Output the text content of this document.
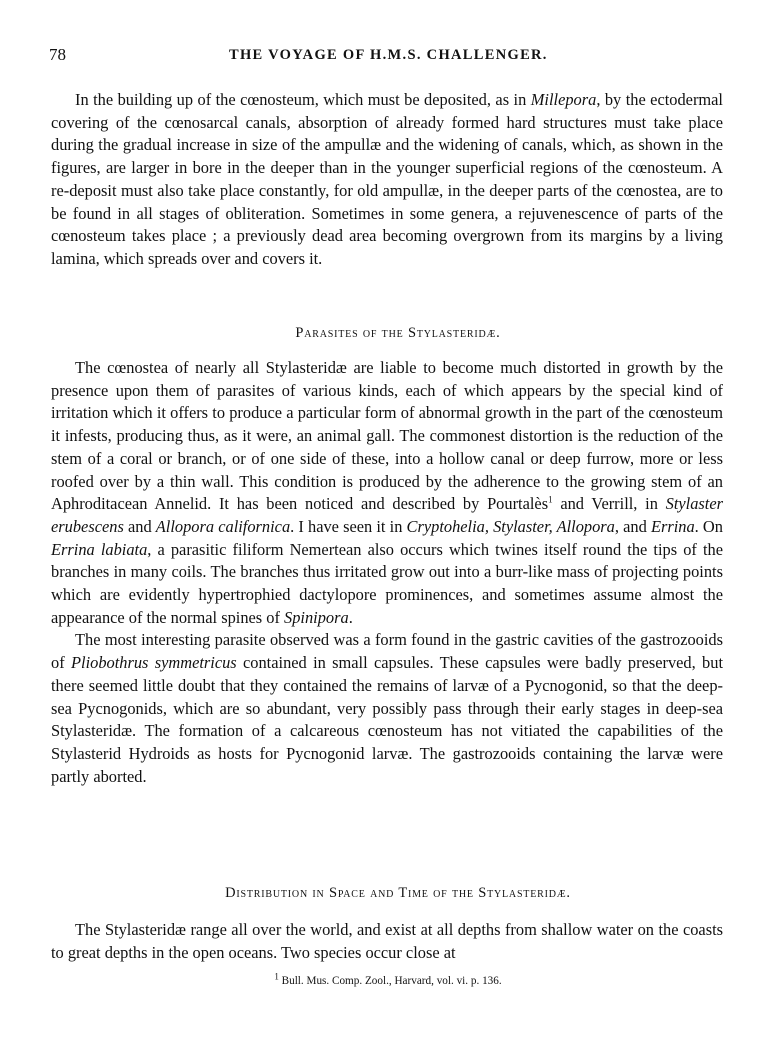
78	THE VOYAGE OF H.M.S. CHALLENGER.

In the building up of the cœnosteum, which must be deposited, as in Millepora, by the ectodermal covering of the cœnosarcal canals, absorption of already formed hard structures must take place during the gradual increase in size of the ampullæ and the widening of canals, which, as shown in the figures, are larger in bore in the deeper than in the younger superficial regions of the cœnosteum. A re-deposit must also take place constantly, for old ampullæ, in the deeper parts of the cœnostea, are to be found in all stages of obliteration. Sometimes in some genera, a rejuvenescence of parts of the cœnosteum takes place ; a previously dead area becoming overgrown from its margins by a living lamina, which spreads over and covers it.

Parasites of the Stylasteridæ.

The cœnostea of nearly all Stylasteridæ are liable to become much distorted in growth by the presence upon them of parasites of various kinds, each of which appears by the special kind of irritation which it offers to produce a particular form of abnormal growth in the part of the cœnosteum it infests, producing thus, as it were, an animal gall. The commonest distortion is the reduction of the stem of a coral or branch, or of one side of these, into a hollow canal or deep furrow, more or less roofed over by a thin wall. This condition is produced by the adherence to the growing stem of an Aphroditacean Annelid. It has been noticed and described by Pourtalès$^1$ and Verrill, in Stylaster erubescens and Allopora californica. I have seen it in Cryptohelia, Stylaster, Allopora, and Errina. On Errina labiata, a parasitic filiform Nemertean also occurs which twines itself round the tips of the branches in many coils. The branches thus irritated grow out into a burr-like mass of projecting points which are evidently hypertrophied dactylopore prominences, and sometimes assume almost the appearance of the normal spines of Spinipora.

The most interesting parasite observed was a form found in the gastric cavities of the gastrozooids of Pliobothrus symmetricus contained in small capsules. These capsules were badly preserved, but there seemed little doubt that they contained the remains of larvæ of a Pycnogonid, so that the deep-sea Pycnogonids, which are so abundant, very possibly pass through their early stages in deep-sea Stylasteridæ. The formation of a calcareous cœnosteum has not vitiated the capabilities of the Stylasterid Hydroids as hosts for Pycnogonid larvæ. The gastrozooids containing the larvæ were partly aborted.

Distribution in Space and Time of the Stylasteridæ.

The Stylasteridæ range all over the world, and exist at all depths from shallow water on the coasts to great depths in the open oceans. Two species occur close at

$^1$ Bull. Mus. Comp. Zool., Harvard, vol. vi. p. 136.
